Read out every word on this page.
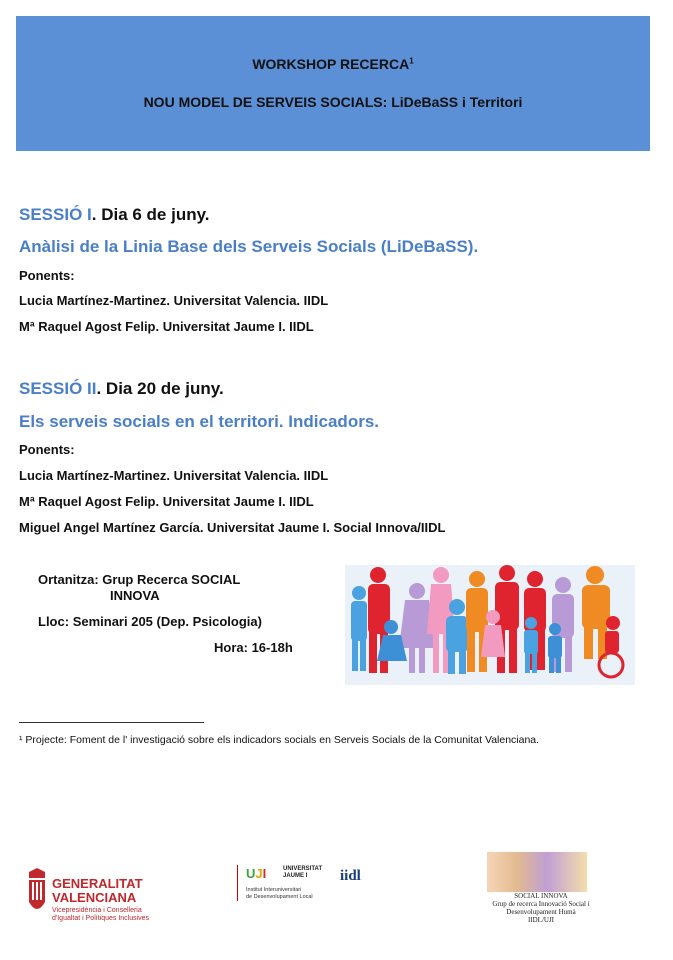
WORKSHOP RECERCA$^1$
NOU MODEL DE SERVEIS SOCIALS: LiDeBaSS i Territori
SESSIÓ I. Dia 6 de juny.
Anàlisi de la Linia Base dels Serveis Socials (LiDeBaSS).
Ponents:
Lucia Martínez-Martinez. Universitat Valencia. IIDL
Mª Raquel Agost Felip. Universitat Jaume I. IIDL
SESSIÓ II. Dia 20 de juny.
Els serveis socials en el territori. Indicadors.
Ponents:
Lucia Martínez-Martinez. Universitat Valencia. IIDL
Mª Raquel Agost Felip. Universitat Jaume I. IIDL
Miguel Angel Martínez García. Universitat Jaume I. Social Innova/IIDL
Ortanitza: Grup Recerca SOCIAL
INNOVA
Lloc: Seminari 205 (Dep. Psicologia)
Hora: 16-18h
¹ Projecte: Foment de l' investigació sobre els indicadors socials en Serveis Socials de la Comunitat Valenciana.
GENERALITAT
VALENCIANA
Vicepresidència i Conselleria
d'Igualtat i Polítiques Inclusives
UJI	UNIVERSITAT
JAUME I
Institut Interuniversitari
de Desenvolupament Local
iidl
SOCIAL INNOVA
Grup de recerca Innovació Social i
Desenvolupament Humà
IIDL/UJI
